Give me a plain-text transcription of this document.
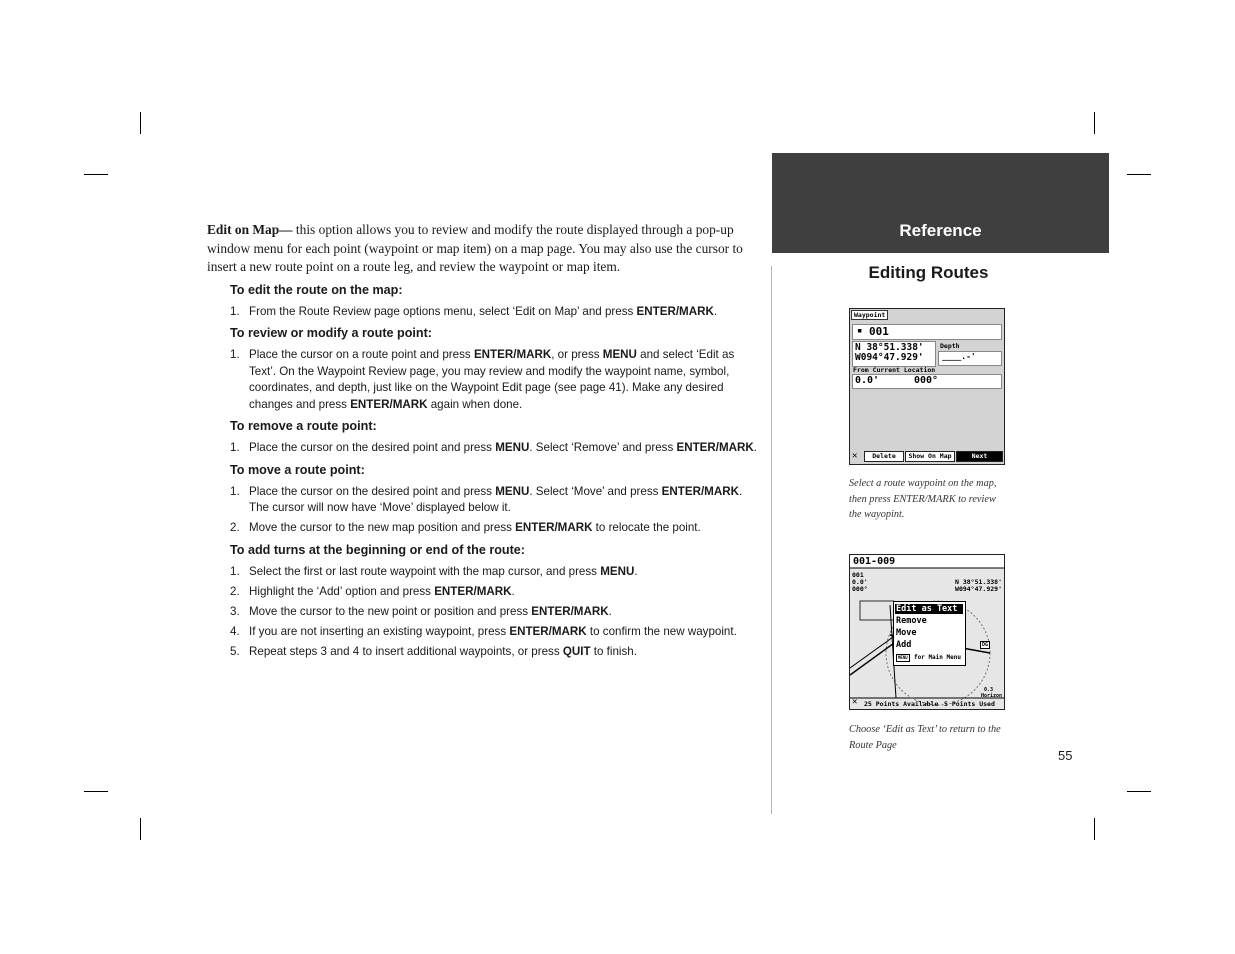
Edit on Map— this option allows you to review and modify the route displayed through a pop-up window menu for each point (waypoint or map item) on a map page. You may also use the cursor to insert a new route point on a route leg, and review the waypoint or map item.

To edit the route on the map:
1. From the Route Review page options menu, select ‘Edit on Map’ and press ENTER/MARK.
To review or modify a route point:
1. Place the cursor on a route point and press ENTER/MARK, or press MENU and select ‘Edit as Text’. On the Waypoint Review page, you may review and modify the waypoint name, symbol, coordinates, and depth, just like on the Waypoint Edit page (see page 41). Make any desired changes and press ENTER/MARK again when done.
To remove a route point:
1. Place the cursor on the desired point and press MENU. Select ‘Remove’ and press ENTER/MARK.
To move a route point:
1. Place the cursor on the desired point and press MENU. Select ‘Move’ and press ENTER/MARK. The cursor will now have ‘Move’ displayed below it.
2. Move the cursor to the new map position and press ENTER/MARK to relocate the point.
To add turns at the beginning or end of the route:
1. Select the first or last route waypoint with the map cursor, and press MENU.
2. Highlight the ‘Add’ option and press ENTER/MARK.
3. Move the cursor to the new point or position and press ENTER/MARK.
4. If you are not inserting an existing waypoint, press ENTER/MARK to confirm the new waypoint.
5. Repeat steps 3 and 4 to insert additional waypoints, or press QUIT to finish.
Reference
Editing Routes
Waypoint
▪ 001
N 38°51.338'
W094°47.929'
Depth
____.-'
From Current Location
0.0'	000°
✕	Delete	Show On Map	Next
Select a route waypoint on the map, then press ENTER/MARK to review the wayopint.
001-009
001
0.0'
000°
N 38°51.338'
W094°47.929'
DG
0.3
Horizon
Edit as Text
Remove
Move
Add
MENU	for Main Menu
✕ 25 Points Available 5 Points Used
Choose ‘Edit as Text’ to return to the Route Page
55
